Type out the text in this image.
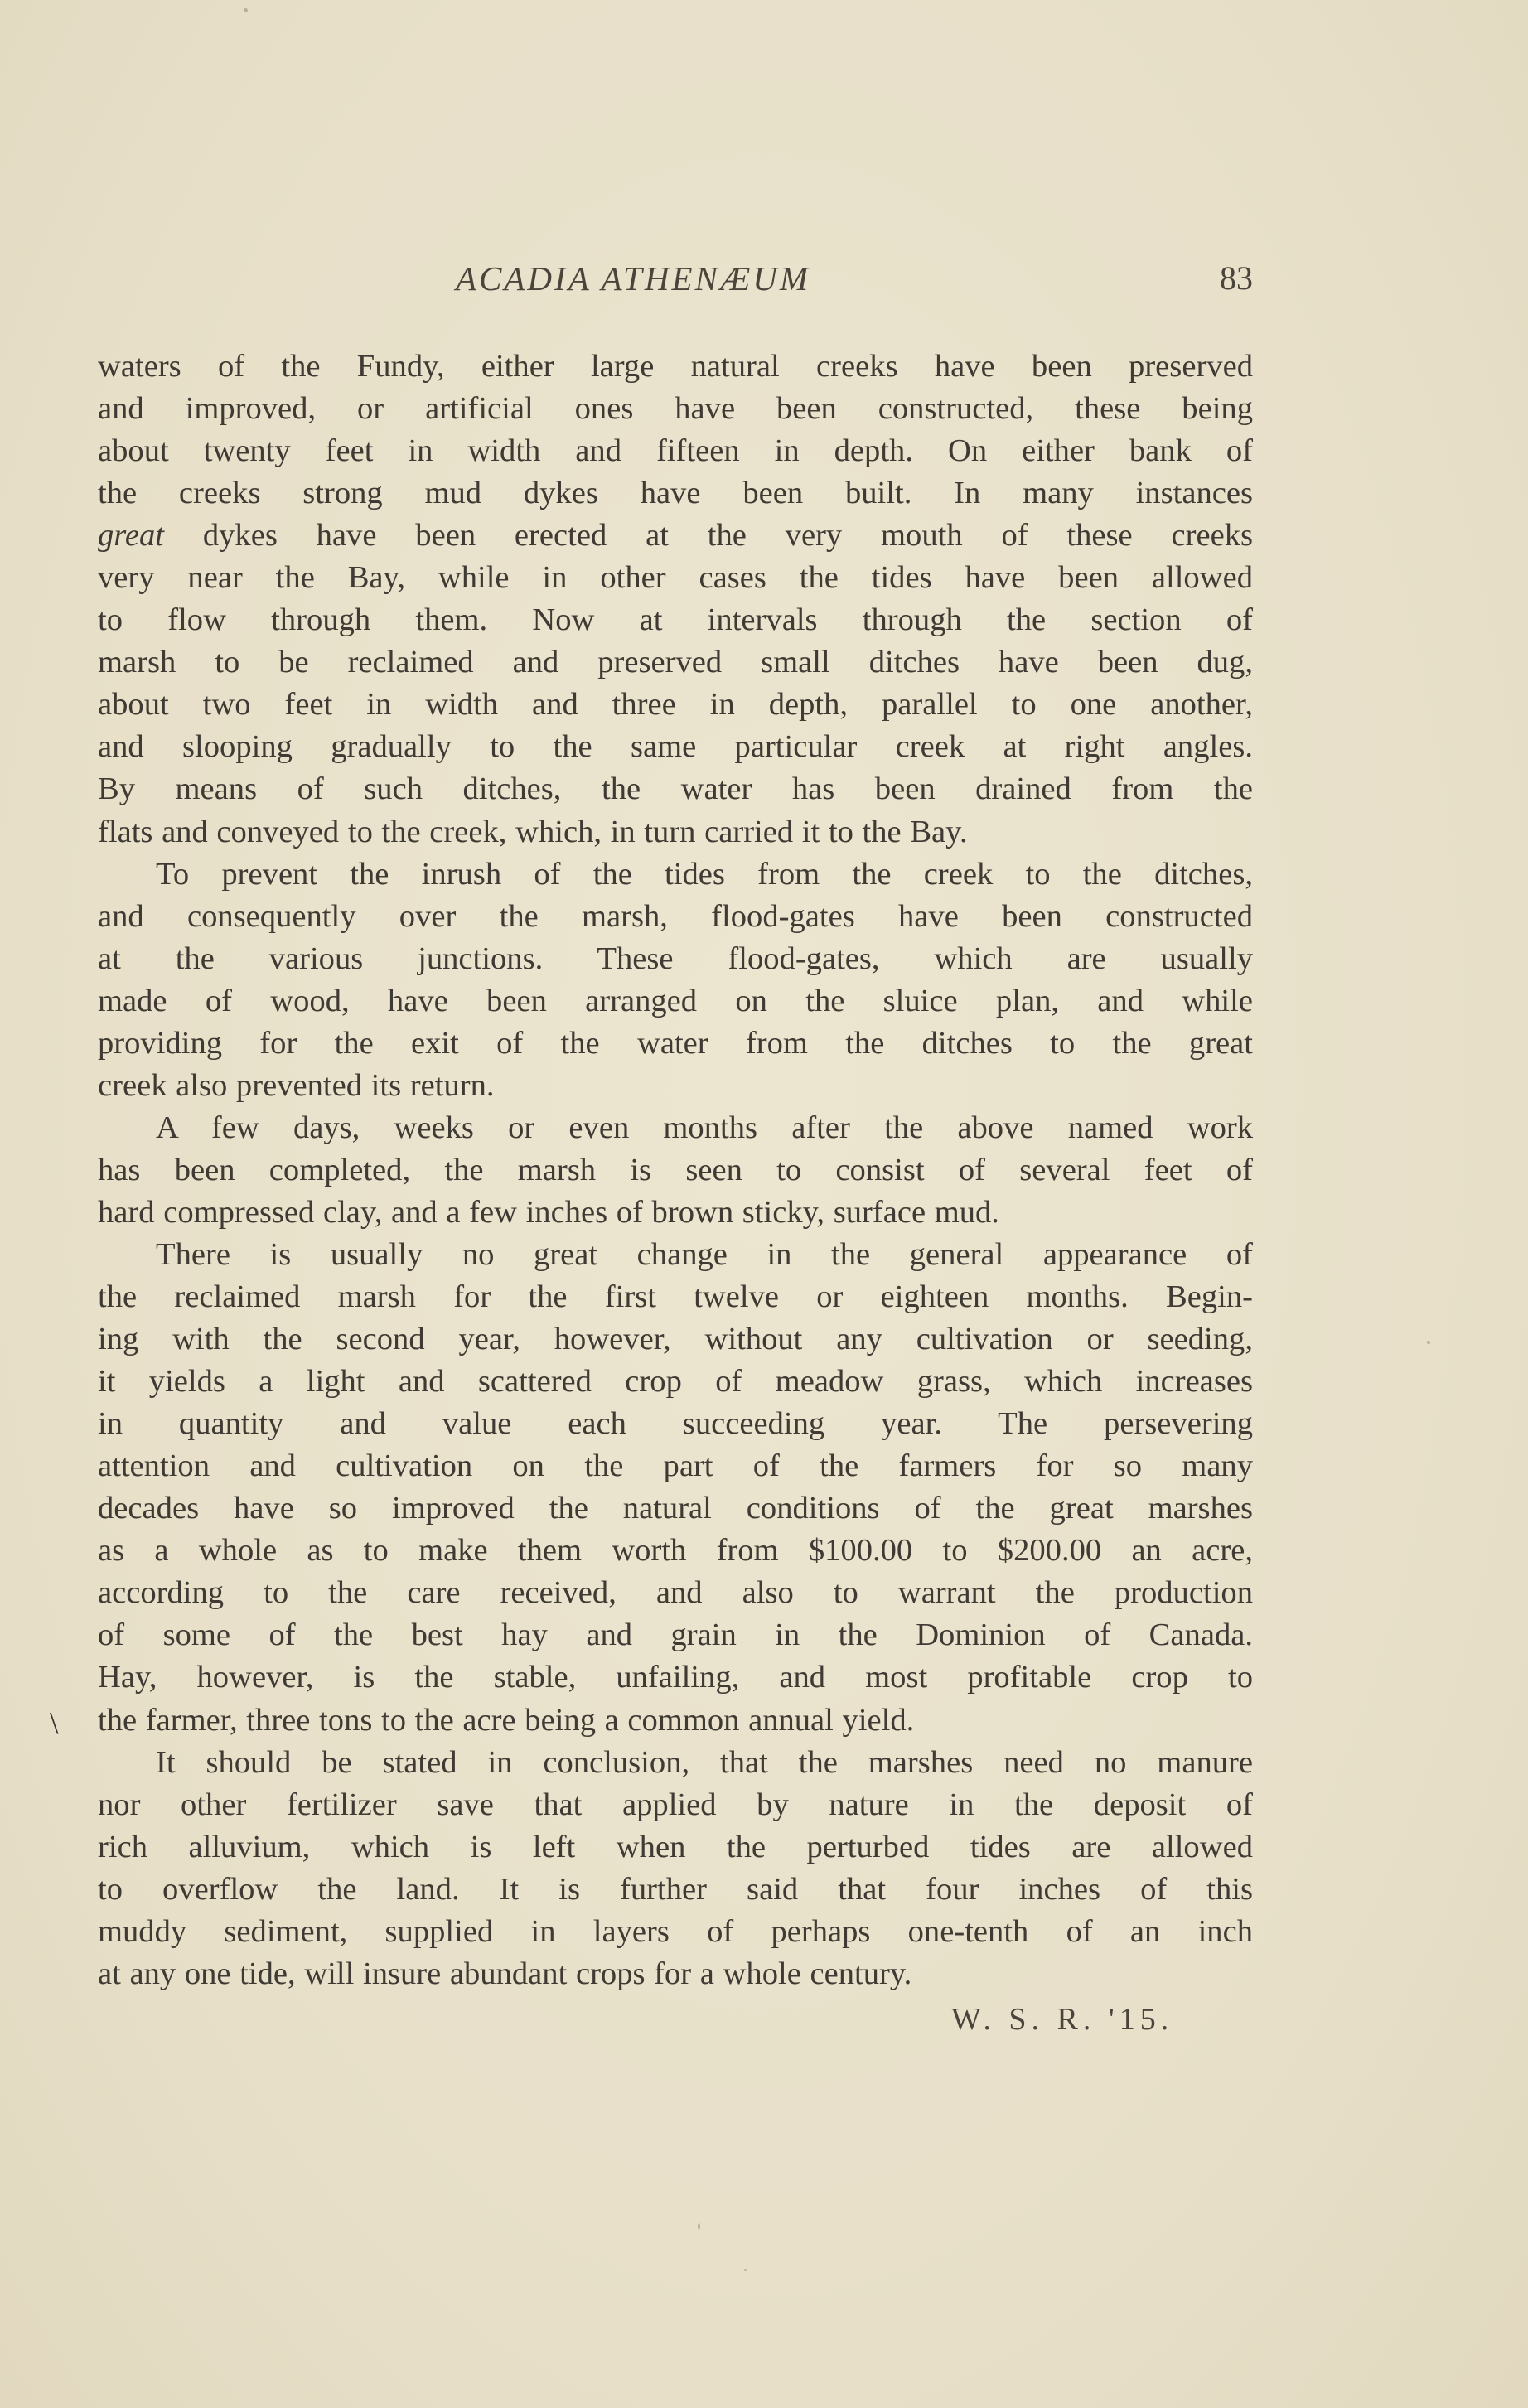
ACADIA ATHENÆUM	83
waters of the Fundy, either large natural creeks have been preserved
and improved, or artificial ones have been constructed, these being
about twenty feet in width and fifteen in depth. On either bank of
the creeks strong mud dykes have been built. In many instances
great dykes have been erected at the very mouth of these creeks
very near the Bay, while in other cases the tides have been allowed
to flow through them. Now at intervals through the section of
marsh to be reclaimed and preserved small ditches have been dug,
about two feet in width and three in depth, parallel to one another,
and slooping gradually to the same particular creek at right angles.
By means of such ditches, the water has been drained from the
flats and conveyed to the creek, which, in turn carried it to the Bay.
To prevent the inrush of the tides from the creek to the ditches,
and consequently over the marsh, flood-gates have been constructed
at the various junctions. These flood-gates, which are usually
made of wood, have been arranged on the sluice plan, and while
providing for the exit of the water from the ditches to the great
creek also prevented its return.
A few days, weeks or even months after the above named work
has been completed, the marsh is seen to consist of several feet of
hard compressed clay, and a few inches of brown sticky, surface mud.
There is usually no great change in the general appearance of
the reclaimed marsh for the first twelve or eighteen months. Begin-
ing with the second year, however, without any cultivation or seeding,
it yields a light and scattered crop of meadow grass, which increases
in quantity and value each succeeding year. The persevering
attention and cultivation on the part of the farmers for so many
decades have so improved the natural conditions of the great marshes
as a whole as to make them worth from $100.00 to $200.00 an acre,
according to the care received, and also to warrant the production
of some of the best hay and grain in the Dominion of Canada.
Hay, however, is the stable, unfailing, and most profitable crop to
the farmer, three tons to the acre being a common annual yield.
It should be stated in conclusion, that the marshes need no manure
nor other fertilizer save that applied by nature in the deposit of
rich alluvium, which is left when the perturbed tides are allowed
to overflow the land. It is further said that four inches of this
muddy sediment, supplied in layers of perhaps one-tenth of an inch
at any one tide, will insure abundant crops for a whole century.
\
W. S. R. '15.
